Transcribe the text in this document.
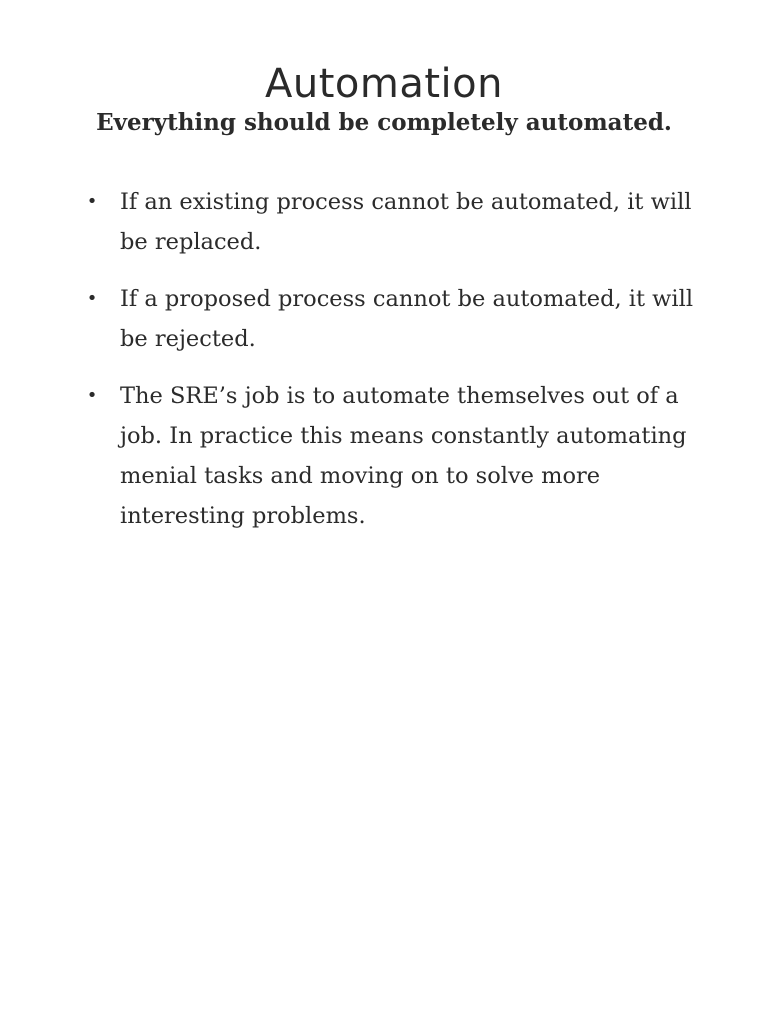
Automation
Everything should be completely automated.
• If an existing process cannot be automated, it will be replaced.
• If a proposed process cannot be automated, it will be rejected.
• The SRE’s job is to automate themselves out of a job. In practice this means constantly automating menial tasks and moving on to solve more interesting problems.
